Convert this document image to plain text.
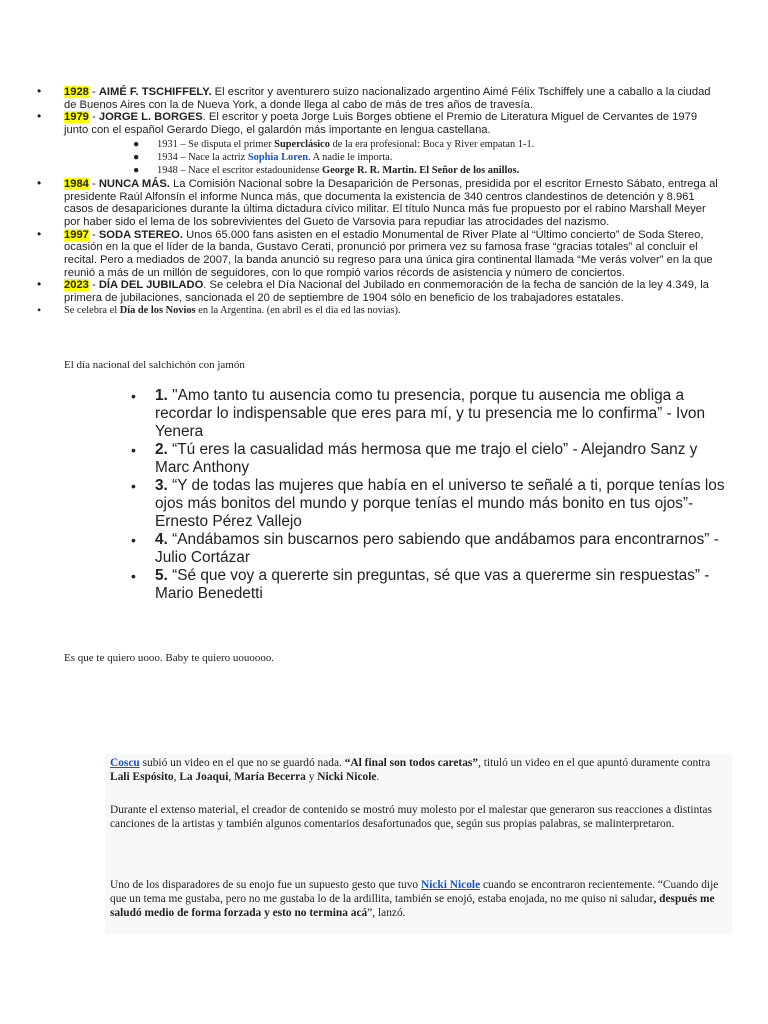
• 1928 - AIMÉ F. TSCHIFFELY. El escritor y aventurero suizo nacionalizado argentino Aimé Félix Tschiffely une a caballo a la ciudad de Buenos Aires con la de Nueva York, a donde llega al cabo de más de tres años de travesía.
• 1979 - JORGE L. BORGES. El escritor y poeta Jorge Luis Borges obtiene el Premio de Literatura Miguel de Cervantes de 1979 junto con el español Gerardo Diego, el galardón más importante en lengua castellana.
● 1931 – Se disputa el primer Superclásico de la era profesional: Boca y River empatan 1-1.
● 1934 – Nace la actriz Sophia Loren. A nadie le importa.
● 1948 – Nace el escritor estadounidense George R. R. Martin. El Señor de los anillos.
• 1984 - NUNCA MÁS. La Comisión Nacional sobre la Desaparición de Personas, presidida por el escritor Ernesto Sábato, entrega al presidente Raúl Alfonsín el informe Nunca más, que documenta la existencia de 340 centros clandestinos de detención y 8.961 casos de desapariciones durante la última dictadura cívico militar. El título Nunca más fue propuesto por el rabino Marshall Meyer por haber sido el lema de los sobrevivientes del Gueto de Varsovia para repudiar las atrocidades del nazismo.
• 1997 - SODA STEREO. Unos 65.000 fans asisten en el estadio Monumental de River Plate al “Último concierto” de Soda Stereo, ocasión en la que el líder de la banda, Gustavo Cerati, pronunció por primera vez su famosa frase “gracias totales” al concluir el recital. Pero a mediados de 2007, la banda anunció su regreso para una única gira continental llamada “Me verás volver” en la que reunió a más de un millón de seguidores, con lo que rompió varios récords de asistencia y número de conciertos.
• 2023 - DÍA DEL JUBILADO. Se celebra el Día Nacional del Jubilado en conmemoración de la fecha de sanción de la ley 4.349, la primera de jubilaciones, sancionada el 20 de septiembre de 1904 sólo en beneficio de los trabajadores estatales.
• Se celebra el Día de los Novios en la Argentina. (en abril es el día ed las novias).
El día nacional del salchichón con jamón
• 1. "Amo tanto tu ausencia como tu presencia, porque tu ausencia me obliga a recordar lo indispensable que eres para mí, y tu presencia me lo confirma” - Ivon Yenera
• 2. “Tú eres la casualidad más hermosa que me trajo el cielo” - Alejandro Sanz y Marc Anthony
• 3. “Y de todas las mujeres que había en el universo te señalé a ti, porque tenías los ojos más bonitos del mundo y porque tenías el mundo más bonito en tus ojos”- Ernesto Pérez Vallejo
• 4. “Andábamos sin buscarnos pero sabiendo que andábamos para encontrarnos” - Julio Cortázar
• 5. “Sé que voy a quererte sin preguntas, sé que vas a quererme sin respuestas” - Mario Benedetti
Es que te quiero uooo. Baby te quiero uouoooo.

Coscu subió un video en el que no se guardó nada. “Al final son todos caretas”, tituló un video en el que apuntó duramente contra Lali Espósito, La Joaqui, María Becerra y Nicki Nicole.

Durante el extenso material, el creador de contenido se mostró muy molesto por el malestar que generaron sus reacciones a distintas canciones de la artistas y también algunos comentarios desafortunados que, según sus propias palabras, se malinterpretaron.

Uno de los disparadores de su enojo fue un supuesto gesto que tuvo Nicki Nicole cuando se encontraron recientemente. “Cuando dije que un tema me gustaba, pero no me gustaba lo de la ardillita, también se enojó, estaba enojada, no me quiso ni saludar, después me saludó medio de forma forzada y esto no termina acá”, lanzó.
